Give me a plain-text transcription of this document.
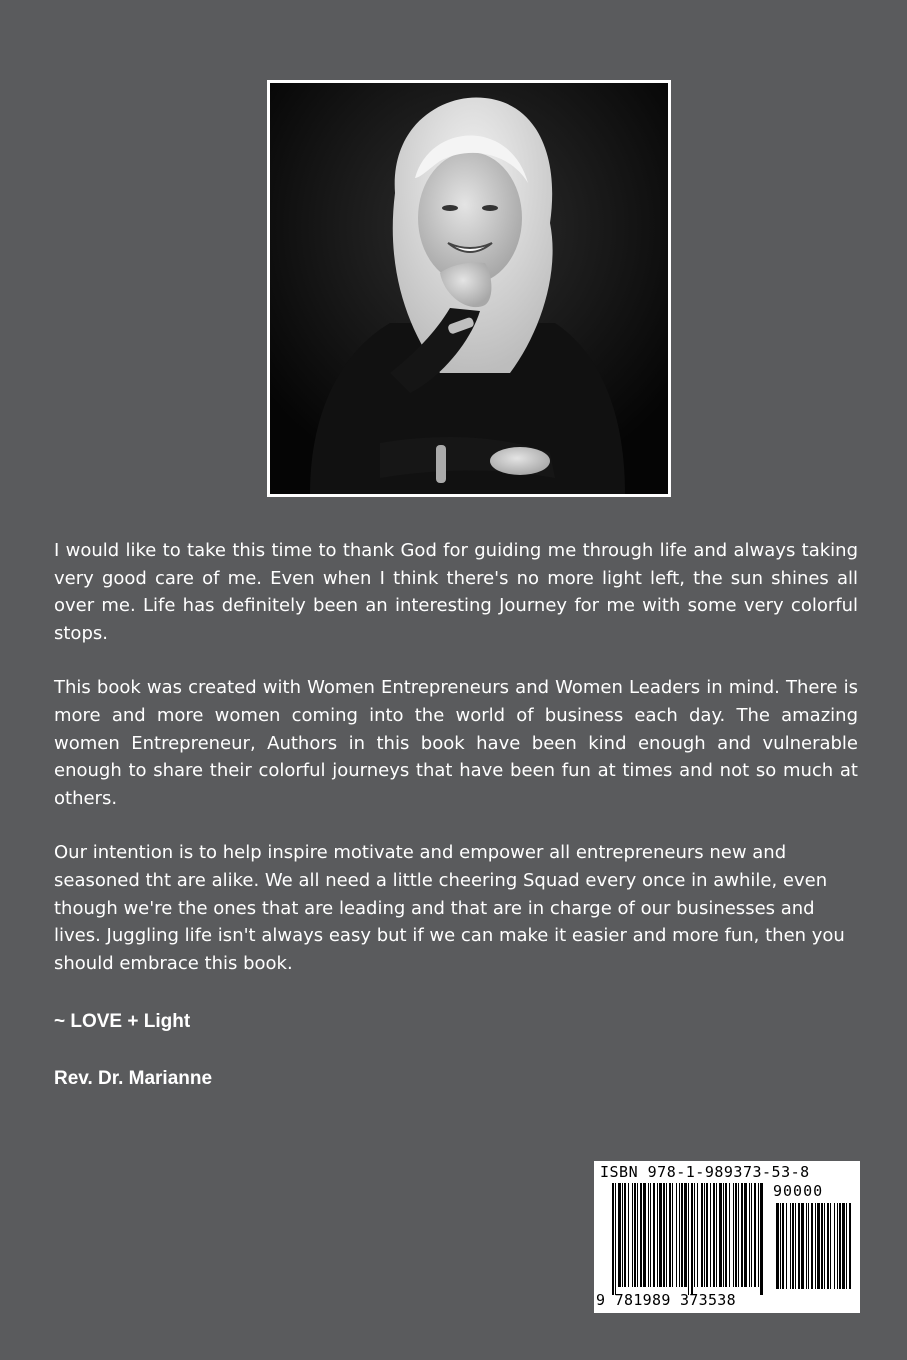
I would like to take this time to thank God for guiding me through life and always taking very good care of me. Even when I think there's no more light left, the sun shines all over me. Life has definitely been an interesting Journey for me with some very colorful stops.

This book was created with Women Entrepreneurs and Women Leaders in mind. There is more and more women coming into the world of business each day. The amazing women Entrepreneur, Authors in this book have been kind enough and vulnerable enough to share their colorful journeys that have been fun at times and not so much at others.

Our intention is to help inspire motivate and empower all entrepreneurs new and seasoned tht are alike. We all need a little cheering Squad every once in awhile, even though we're the ones that are leading and that are in charge of our businesses and lives. Juggling life isn't always easy but if we can make it easier and more fun, then you should embrace this book.

~ LOVE + Light
Rev. Dr. Marianne
ISBN 978-1-989373-53-8
90000
9 781989 373538
